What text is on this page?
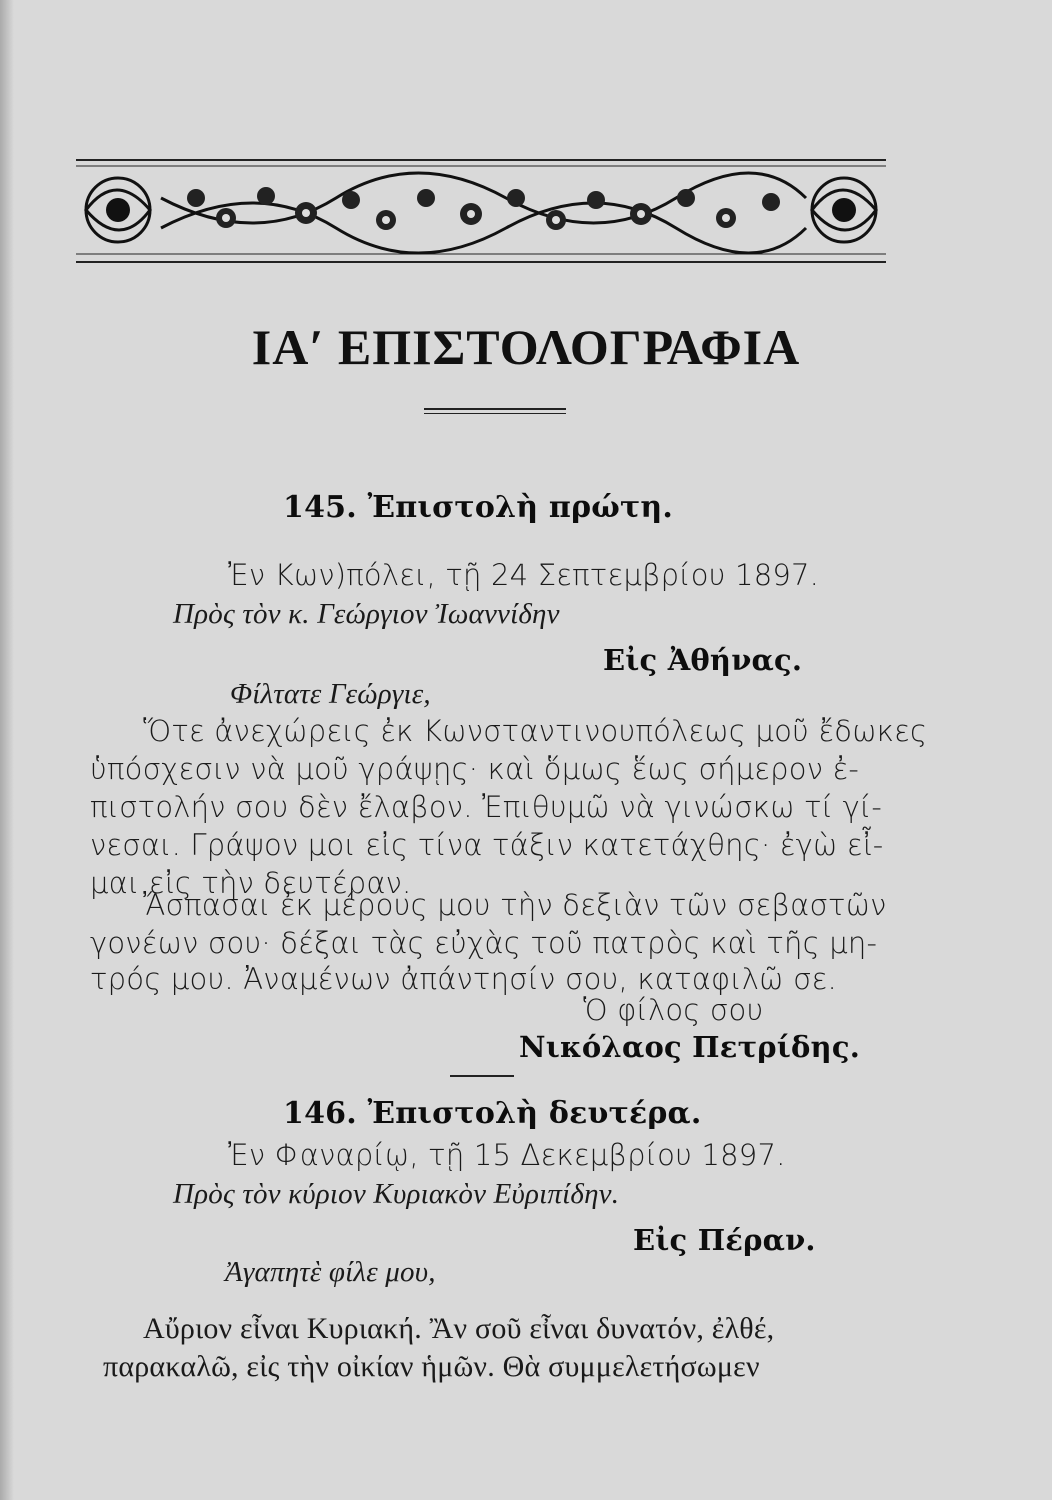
ΙΑʹ ΕΠΙΣΤΟΛΟΓΡΑΦΙΑ
145. Ἐπιστολὴ πρώτη.
Ἐν Κων)πόλει, τῇ 24 Σεπτεμβρίου 1897.
Πρὸς τὸν κ. Γεώργιον Ἰωαννίδην
Εἰς Ἀθήνας.
Φίλτατε Γεώργιε,
Ὅτε ἀνεχώρεις ἐκ Κωνσταντινουπόλεως μοῦ ἔδωκες
ὑπόσχεσιν νὰ μοῦ γράψῃς· καὶ ὅμως ἕως σήμερον ἐ-
πιστολήν σου δὲν ἔλαβον. Ἐπιθυμῶ νὰ γινώσκω τί γί-
νεσαι. Γράψον μοι εἰς τίνα τάξιν κατετάχθης· ἐγὼ εἶ-
μαι εἰς τὴν δευτέραν.
Ἄσπασαι ἐκ μέρους μου τὴν δεξιὰν τῶν σεβαστῶν
γονέων σου· δέξαι τὰς εὐχὰς τοῦ πατρὸς καὶ τῆς μη-
τρός μου. Ἀναμένων ἀπάντησίν σου, καταφιλῶ σε.
Ὁ φίλος σου
Νικόλαος Πετρίδης.
146. Ἐπιστολὴ δευτέρα.
Ἐν Φαναρίῳ, τῇ 15 Δεκεμβρίου 1897.
Πρὸς τὸν κύριον Κυριακὸν Εὐριπίδην.
Εἰς Πέραν.
Ἀγαπητὲ φίλε μου,
Αὔριον εἶναι Κυριακή. Ἂν σοῦ εἶναι δυνατόν, ἐλθέ,
παρακαλῶ, εἰς τὴν οἰκίαν ἡμῶν. Θὰ συμμελετήσωμεν
